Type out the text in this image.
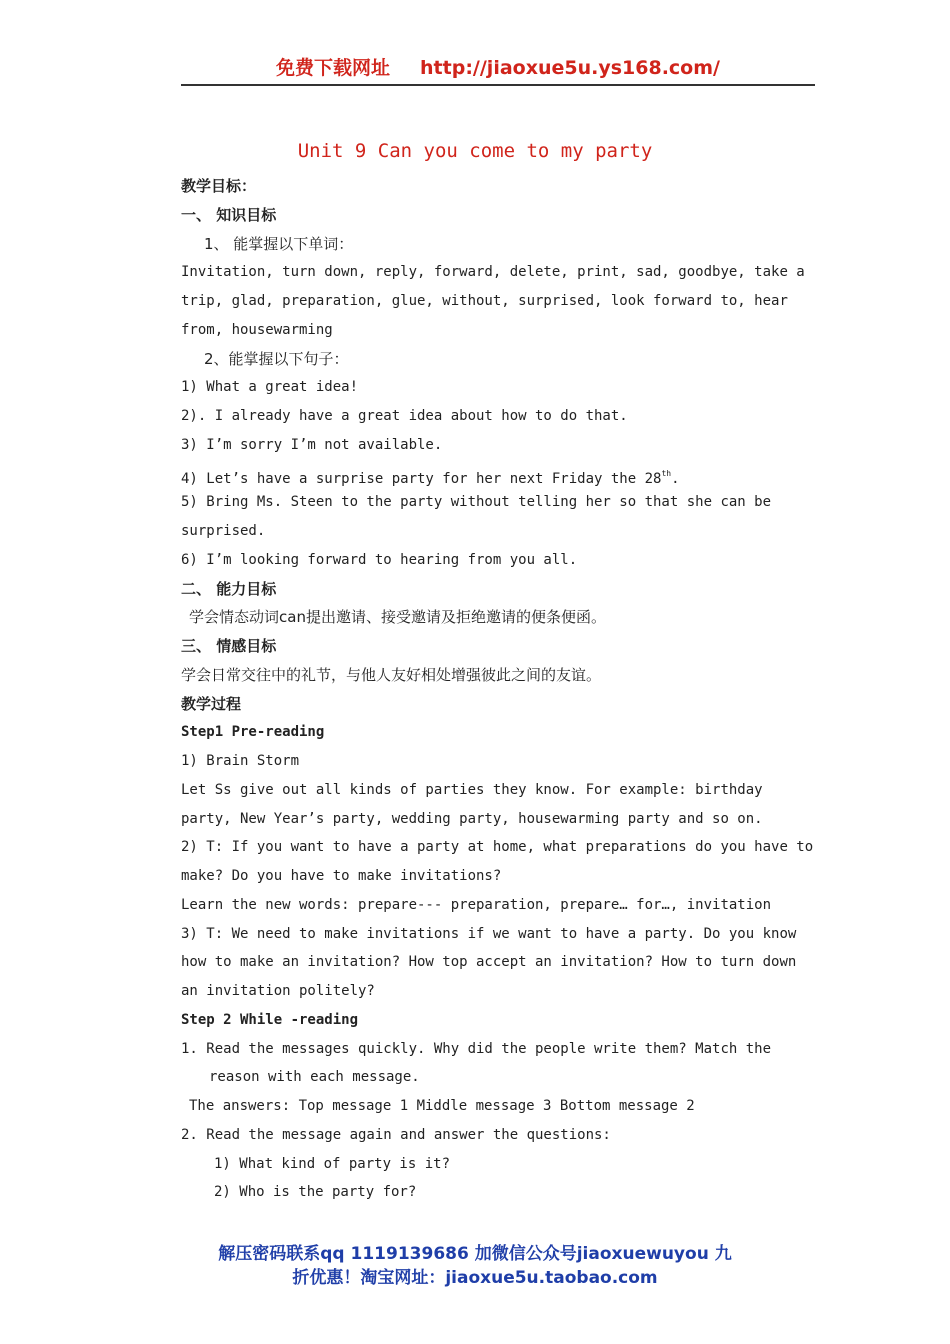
免费下载网址 http://jiaoxue5u.ys168.com/
Unit 9 Can you come to my party
教学目标：
一、 知识目标
1、 能掌握以下单词：
Invitation, turn down, reply, forward, delete, print, sad, goodbye, take a
trip, glad, preparation, glue, without, surprised, look forward to, hear
from, housewarming
2、能掌握以下句子：
1) What a great idea!
2). I already have a great idea about how to do that.
3) I’m sorry I’m not available.
4) Let’s have a surprise party for her next Friday the 28th.
5) Bring Ms. Steen to the party without telling her so that she can be
surprised.
6) I’m looking forward to hearing from you all.
二、 能力目标
学会情态动词can提出邀请、接受邀请及拒绝邀请的便条便函。
三、 情感目标
学会日常交往中的礼节，与他人友好相处增强彼此之间的友谊。
教学过程
Step1 Pre-reading
1) Brain Storm
Let Ss give out all kinds of parties they know. For example: birthday
party, New Year’s party, wedding party, housewarming party and so on.
2) T: If you want to have a party at home, what preparations do you have to
make? Do you have to make invitations?
Learn the new words: prepare--- preparation, prepare… for…, invitation
3) T: We need to make invitations if we want to have a party. Do you know
how to make an invitation? How top accept an invitation? How to turn down
an invitation politely?
Step 2 While -reading
1. Read the messages quickly. Why did the people write them? Match the
reason with each message.
The answers: Top message 1 Middle message 3 Bottom message 2
2. Read the message again and answer the questions:
1) What kind of party is it?
2) Who is the party for?
解压密码联系qq 1119139686 加微信公众号jiaoxuewuyou 九
折优惠！淘宝网址：jiaoxue5u.taobao.com
